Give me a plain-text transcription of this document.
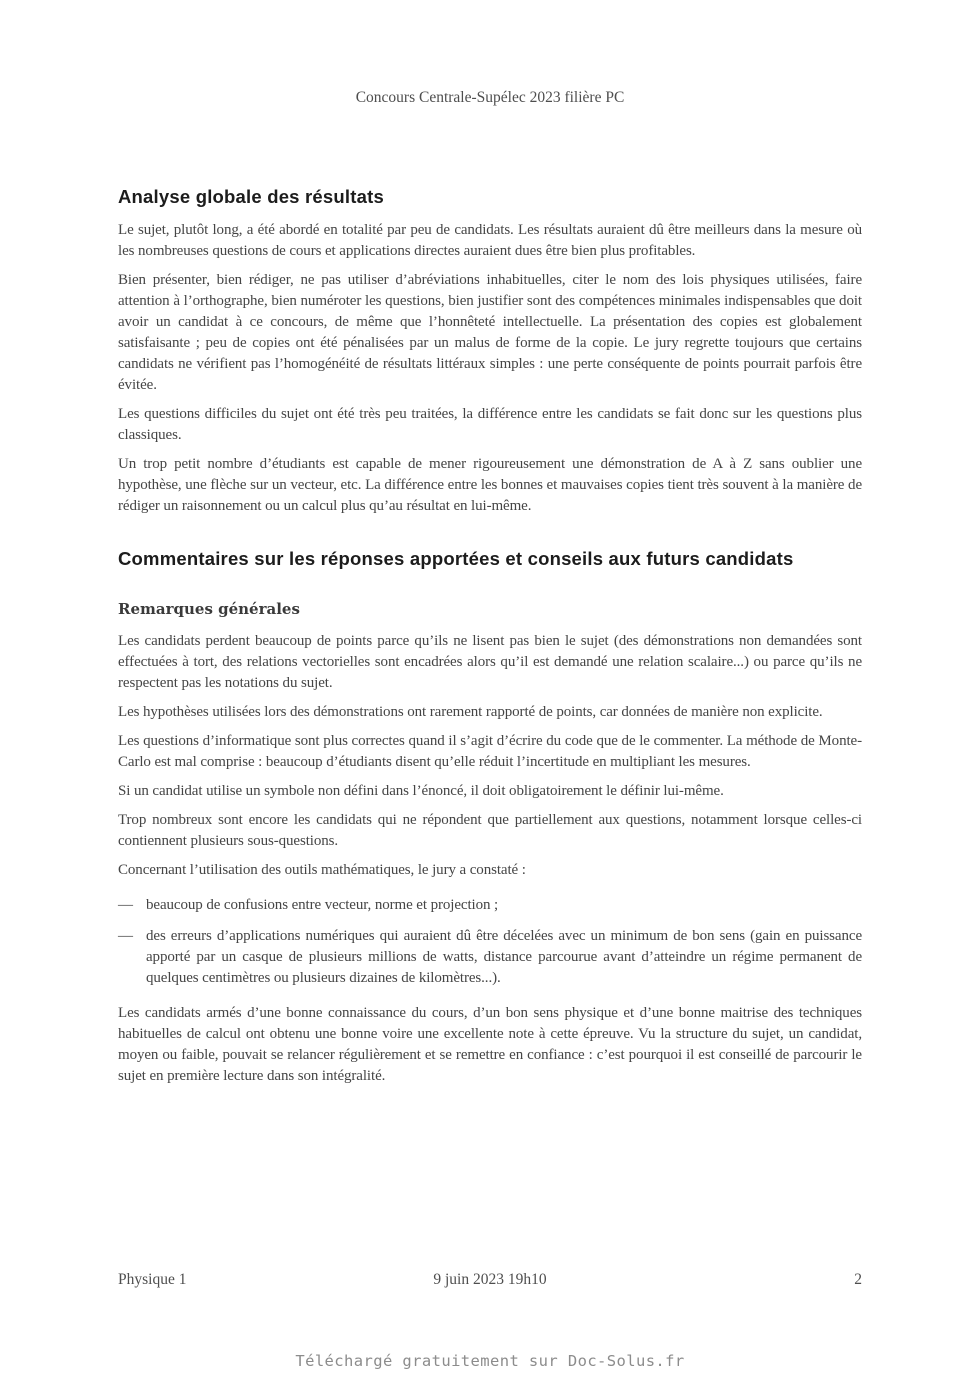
Concours Centrale-Supélec 2023 filière PC
Analyse globale des résultats

Le sujet, plutôt long, a été abordé en totalité par peu de candidats. Les résultats auraient dû être meilleurs dans la mesure où les nombreuses questions de cours et applications directes auraient dues être bien plus profitables.

Bien présenter, bien rédiger, ne pas utiliser d’abréviations inhabituelles, citer le nom des lois physiques utilisées, faire attention à l’orthographe, bien numéroter les questions, bien justifier sont des compétences minimales indispensables que doit avoir un candidat à ce concours, de même que l’honnêteté intellectuelle. La présentation des copies est globalement satisfaisante ; peu de copies ont été pénalisées par un malus de forme de la copie. Le jury regrette toujours que certains candidats ne vérifient pas l’homogénéité de résultats littéraux simples : une perte conséquente de points pourrait parfois être évitée.

Les questions difficiles du sujet ont été très peu traitées, la différence entre les candidats se fait donc sur les questions plus classiques.

Un trop petit nombre d’étudiants est capable de mener rigoureusement une démonstration de A à Z sans oublier une hypothèse, une flèche sur un vecteur, etc. La différence entre les bonnes et mauvaises copies tient très souvent à la manière de rédiger un raisonnement ou un calcul plus qu’au résultat en lui-même.

Commentaires sur les réponses apportées et conseils aux futurs candidats
Remarques générales

Les candidats perdent beaucoup de points parce qu’ils ne lisent pas bien le sujet (des démonstrations non demandées sont effectuées à tort, des relations vectorielles sont encadrées alors qu’il est demandé une relation scalaire...) ou parce qu’ils ne respectent pas les notations du sujet.

Les hypothèses utilisées lors des démonstrations ont rarement rapporté de points, car données de manière non explicite.

Les questions d’informatique sont plus correctes quand il s’agit d’écrire du code que de le commenter. La méthode de Monte-Carlo est mal comprise : beaucoup d’étudiants disent qu’elle réduit l’incertitude en multipliant les mesures.

Si un candidat utilise un symbole non défini dans l’énoncé, il doit obligatoirement le définir lui-même.

Trop nombreux sont encore les candidats qui ne répondent que partiellement aux questions, notamment lorsque celles-ci contiennent plusieurs sous-questions.

Concernant l’utilisation des outils mathématiques, le jury a constaté :

— beaucoup de confusions entre vecteur, norme et projection ;
— des erreurs d’applications numériques qui auraient dû être décelées avec un minimum de bon sens (gain en puissance apporté par un casque de plusieurs millions de watts, distance parcourue avant d’atteindre un régime permanent de quelques centimètres ou plusieurs dizaines de kilomètres...).

Les candidats armés d’une bonne connaissance du cours, d’un bon sens physique et d’une bonne maitrise des techniques habituelles de calcul ont obtenu une bonne voire une excellente note à cette épreuve. Vu la structure du sujet, un candidat, moyen ou faible, pouvait se relancer régulièrement et se remettre en confiance : c’est pourquoi il est conseillé de parcourir le sujet en première lecture dans son intégralité.

Physique 1	9 juin 2023 19h10	2
Téléchargé gratuitement sur Doc-Solus.fr
